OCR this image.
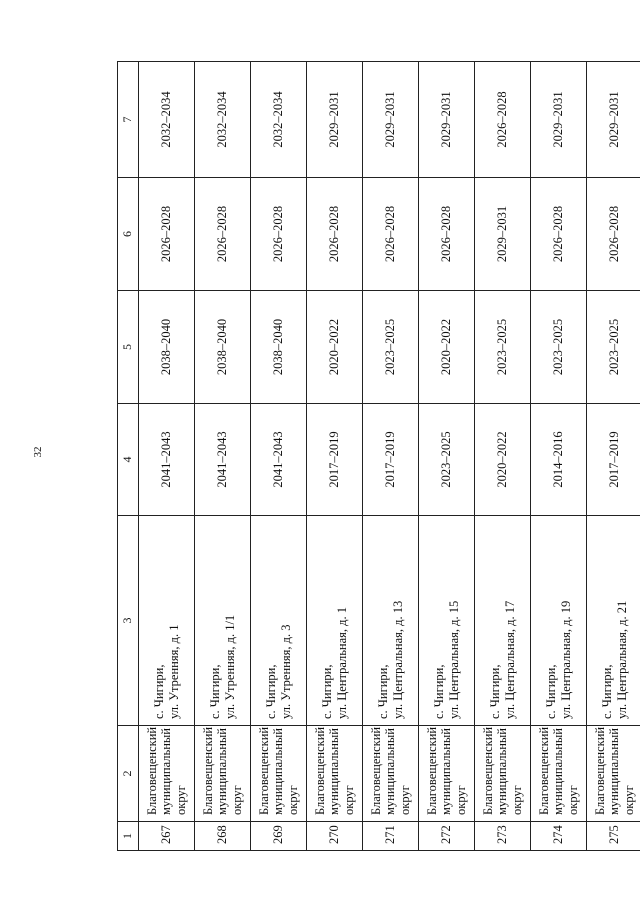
32
1	2	3	4	5	6	7
267	Благовещенский муниципальный округ	с. Чигири, ул. Утренняя, д. 1	2041–2043	2038–2040	2026–2028	2032–2034
268	Благовещенский муниципальный округ	с. Чигири, ул. Утренняя, д. 1/1	2041–2043	2038–2040	2026–2028	2032–2034
269	Благовещенский муниципальный округ	с. Чигири, ул. Утренняя, д. 3	2041–2043	2038–2040	2026–2028	2032–2034
270	Благовещенский муниципальный округ	с. Чигири, ул. Центральная, д. 1	2017–2019	2020–2022	2026–2028	2029–2031
271	Благовещенский муниципальный округ	с. Чигири, ул. Центральная, д. 13	2017–2019	2023–2025	2026–2028	2029–2031
272	Благовещенский муниципальный округ	с. Чигири, ул. Центральная, д. 15	2023–2025	2020–2022	2026–2028	2029–2031
273	Благовещенский муниципальный округ	с. Чигири, ул. Центральная, д. 17	2020–2022	2023–2025	2029–2031	2026–2028
274	Благовещенский муниципальный округ	с. Чигири, ул. Центральная, д. 19	2014–2016	2023–2025	2026–2028	2029–2031
275	Благовещенский муниципальный округ	с. Чигири, ул. Центральная, д. 21	2017–2019	2023–2025	2026–2028	2029–2031
